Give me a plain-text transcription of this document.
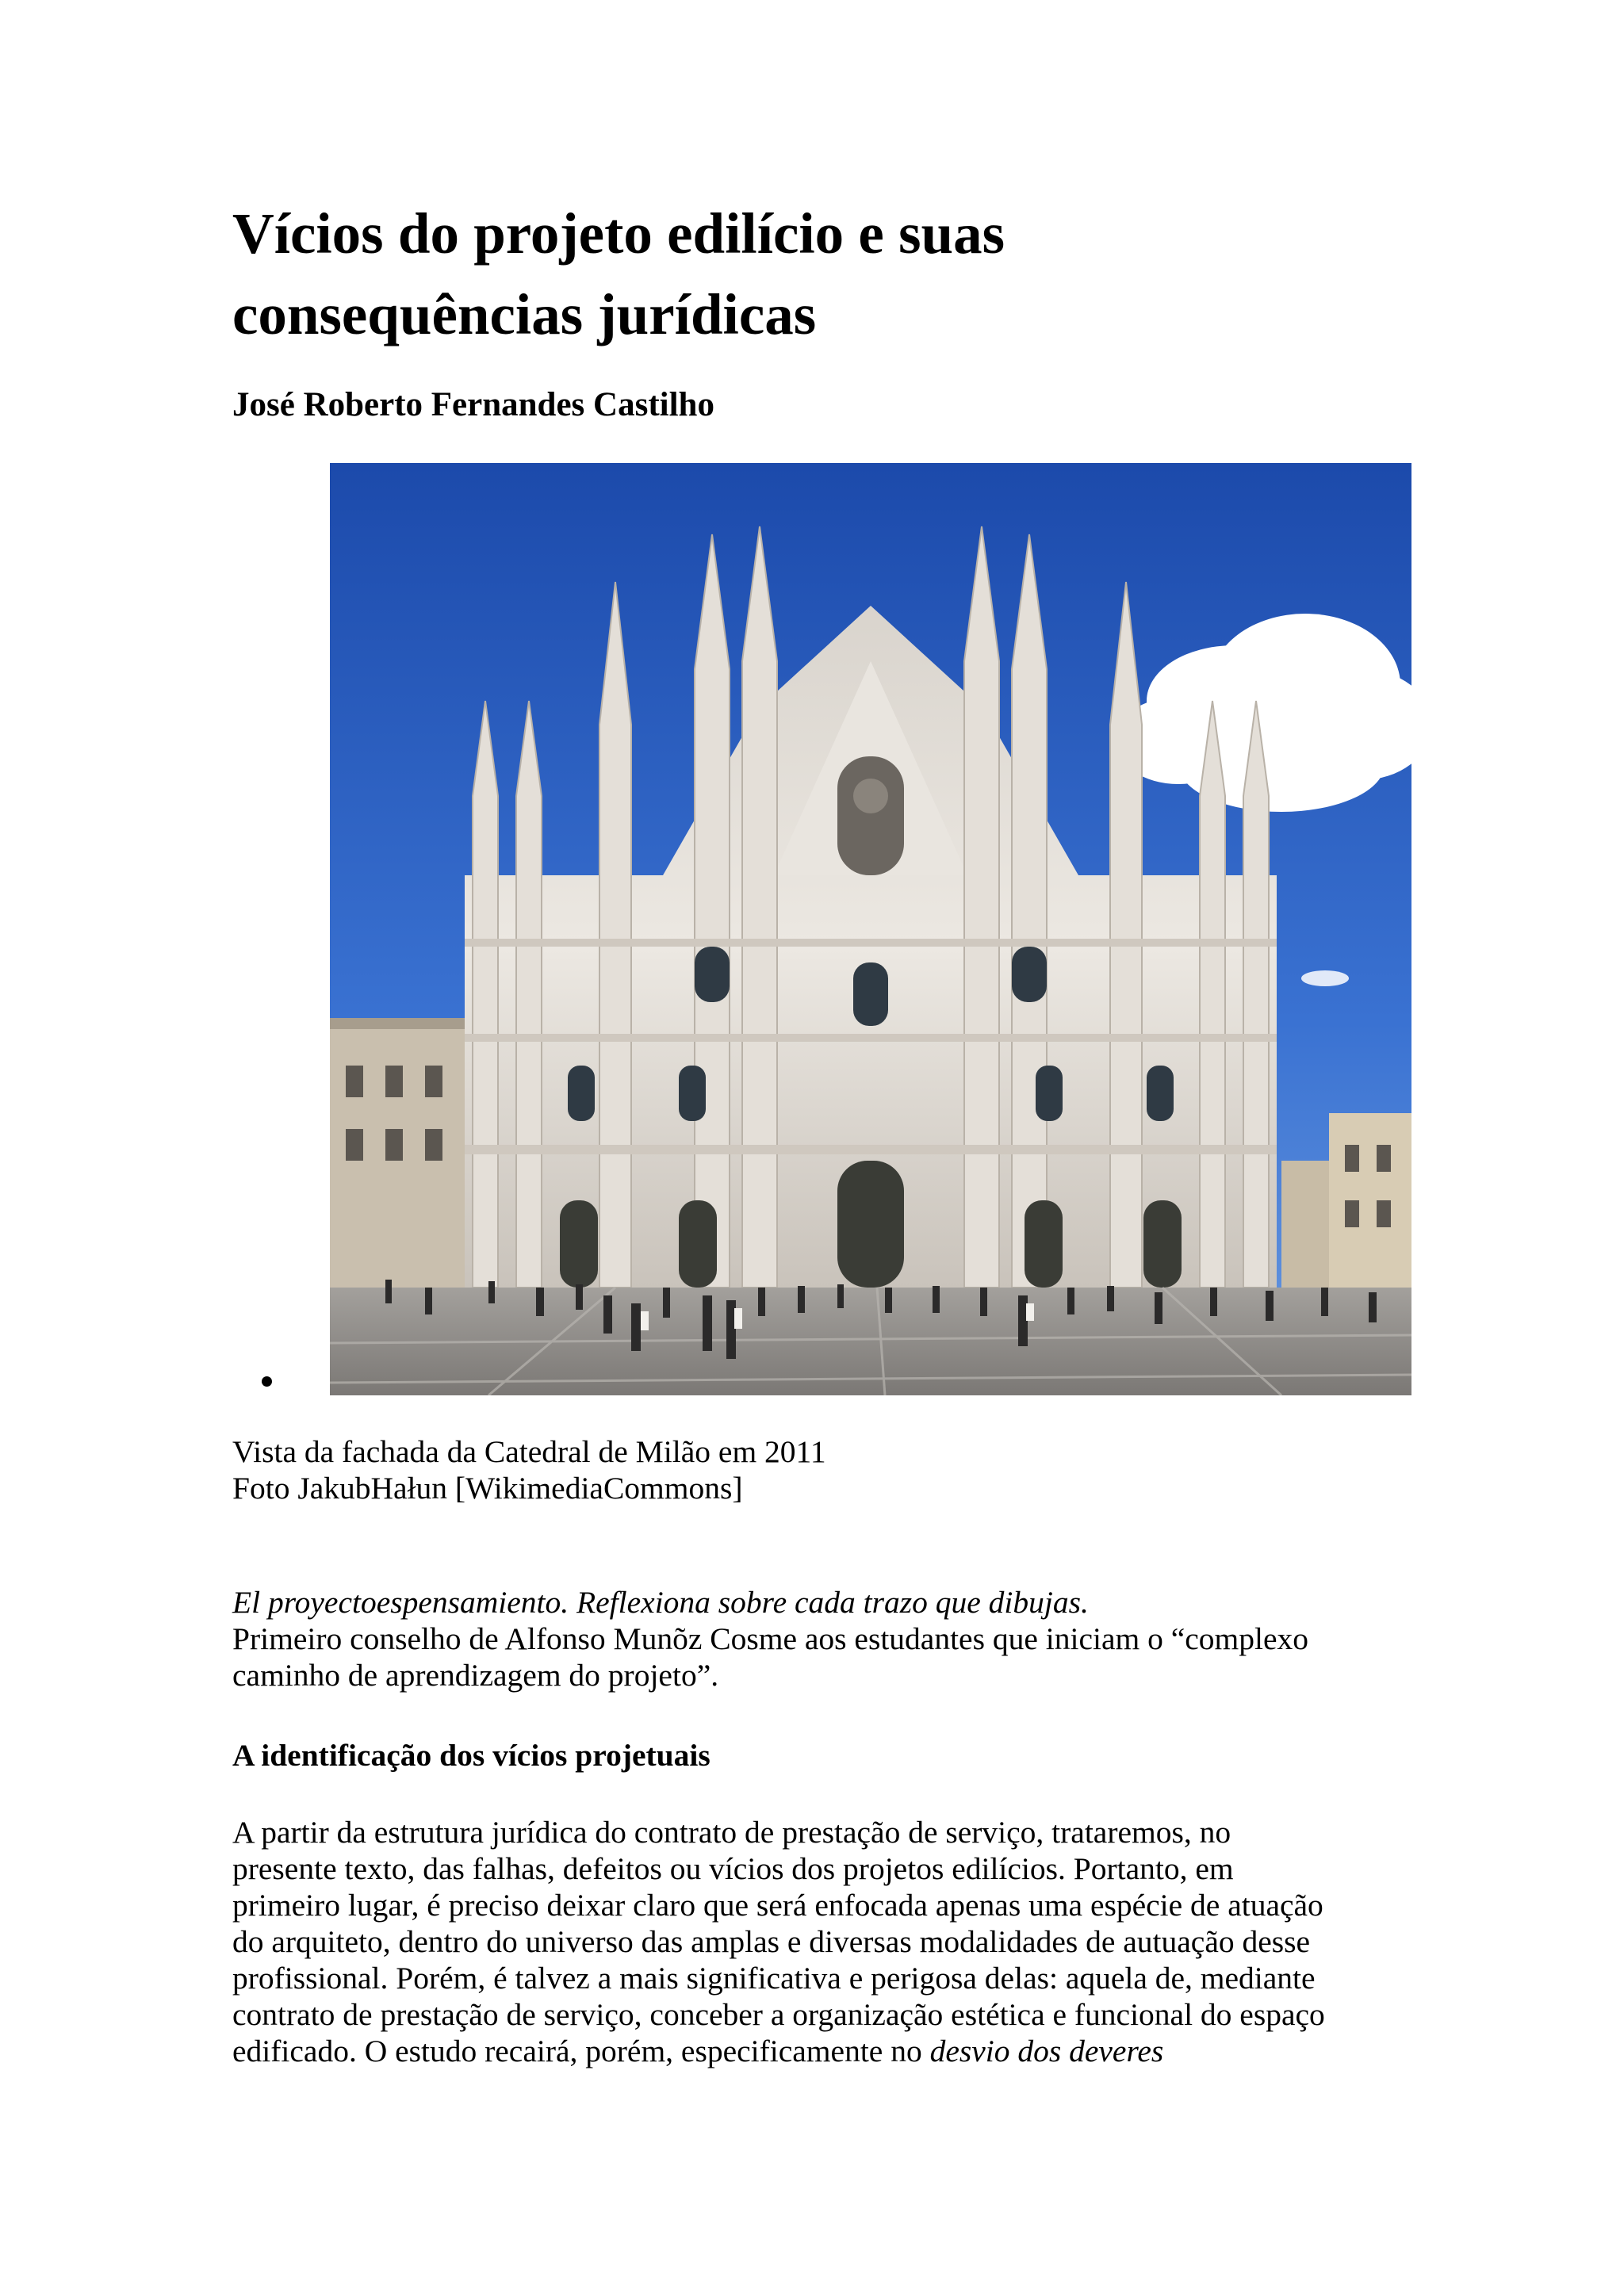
Vícios do projeto edilício e suas
consequências jurídicas

José Roberto Fernandes Castilho

Vista da fachada da Catedral de Milão em 2011
Foto JakubHałun [WikimediaCommons]

El proyectoespensamiento. Reflexiona sobre cada trazo que dibujas.
Primeiro conselho de Alfonso Munõz Cosme aos estudantes que iniciam o “complexo
caminho de aprendizagem do projeto”.

A identificação dos vícios projetuais

A partir da estrutura jurídica do contrato de prestação de serviço, trataremos, no
presente texto, das falhas, defeitos ou vícios dos projetos edilícios. Portanto, em
primeiro lugar, é preciso deixar claro que será enfocada apenas uma espécie de atuação
do arquiteto, dentro do universo das amplas e diversas modalidades de autuação desse
profissional. Porém, é talvez a mais significativa e perigosa delas: aquela de, mediante
contrato de prestação de serviço, conceber a organização estética e funcional do espaço
edificado. O estudo recairá, porém, especificamente no desvio dos deveres
